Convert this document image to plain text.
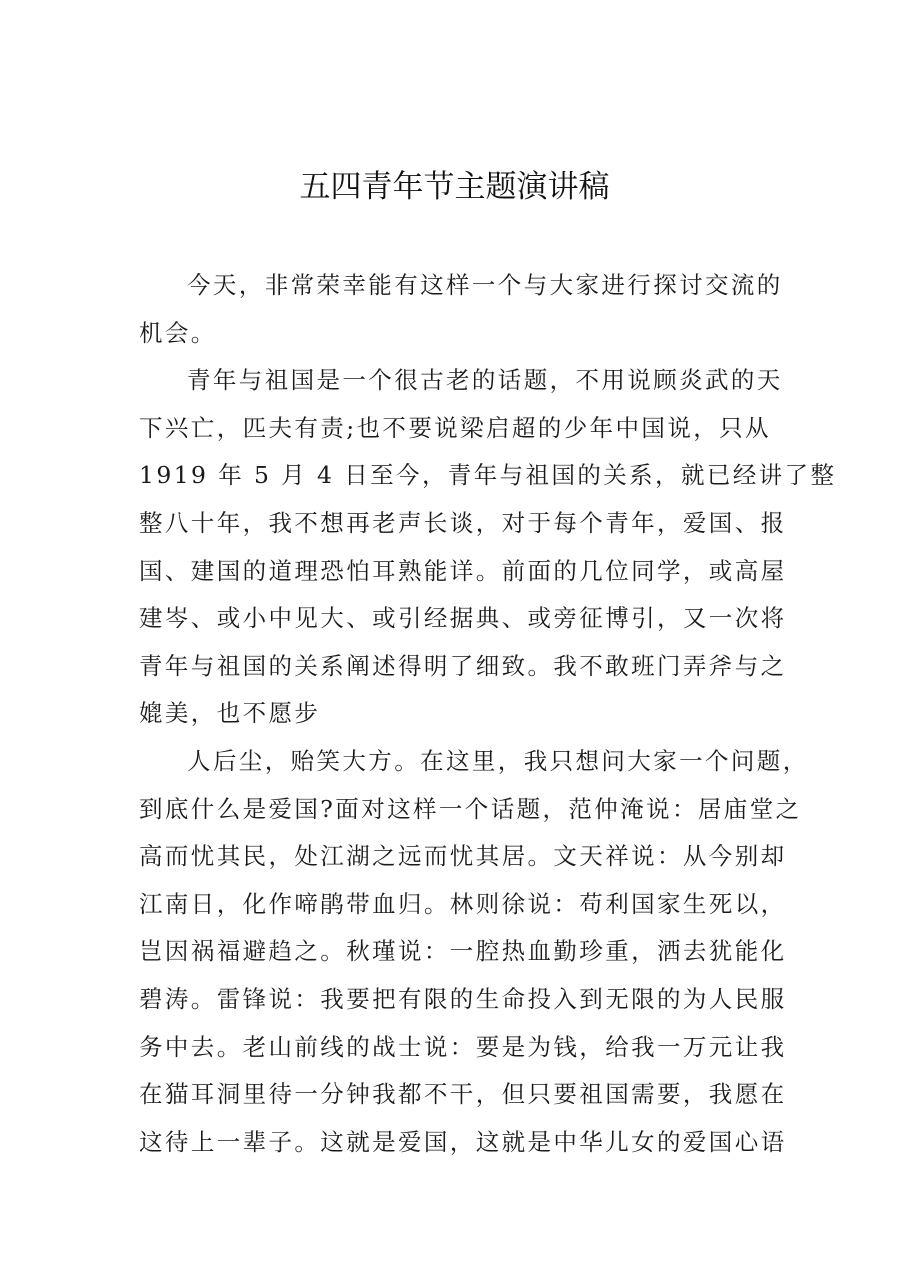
五四青年节主题演讲稿
今天，非常荣幸能有这样一个与大家进行探讨交流的
机会。
青年与祖国是一个很古老的话题，不用说顾炎武的天
下兴亡，匹夫有责;也不要说梁启超的少年中国说，只从
1919 年 5 月 4 日至今，青年与祖国的关系，就已经讲了整
整八十年，我不想再老声长谈，对于每个青年，爱国、报
国、建国的道理恐怕耳熟能详。前面的几位同学，或高屋
建岑、或小中见大、或引经据典、或旁征博引，又一次将
青年与祖国的关系阐述得明了细致。我不敢班门弄斧与之
媲美，也不愿步
人后尘，贻笑大方。在这里，我只想问大家一个问题，
到底什么是爱国?面对这样一个话题，范仲淹说：居庙堂之
高而忧其民，处江湖之远而忧其居。文天祥说：从今别却
江南日，化作啼鹃带血归。林则徐说：苟利国家生死以，
岂因祸福避趋之。秋瑾说：一腔热血勤珍重，洒去犹能化
碧涛。雷锋说：我要把有限的生命投入到无限的为人民服
务中去。老山前线的战士说：要是为钱，给我一万元让我
在猫耳洞里待一分钟我都不干，但只要祖国需要，我愿在
这待上一辈子。这就是爱国，这就是中华儿女的爱国心语
